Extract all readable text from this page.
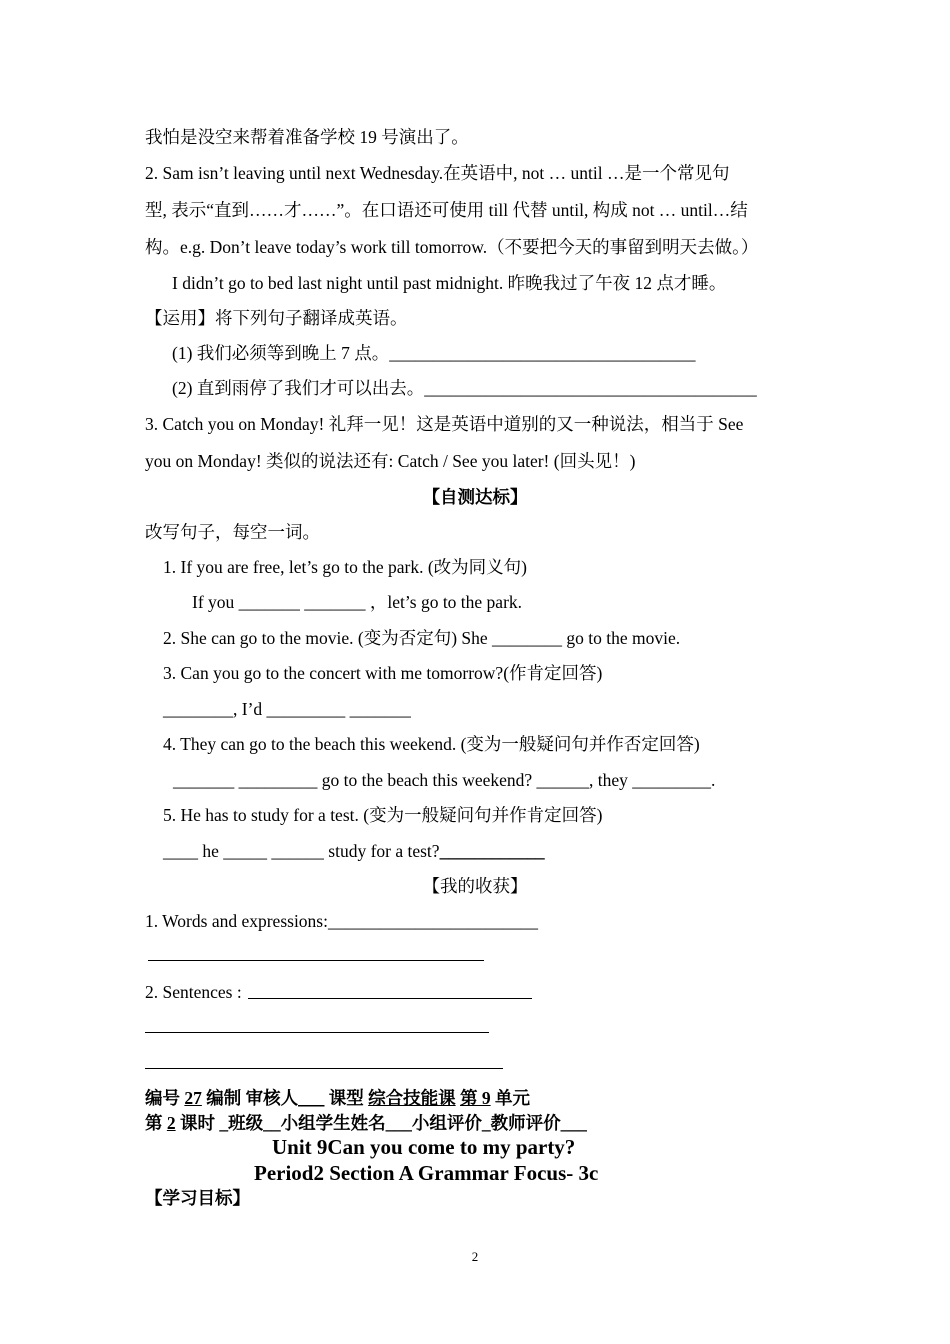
我怕是没空来帮着准备学校 19 号演出了。
2. Sam isn’t leaving until next Wednesday.在英语中, not … until …是一个常见句
型, 表示“直到……才……”。在口语还可使用 till 代替 until, 构成 not … until…结
构。e.g. Don’t leave today’s work till tomorrow.（不要把今天的事留到明天去做。）
I didn’t go to bed last night until past midnight. 昨晚我过了午夜 12 点才睡。
【运用】将下列句子翻译成英语。
(1) 我们必须等到晚上 7 点。___________________________________
(2) 直到雨停了我们才可以出去。______________________________________
3. Catch you on Monday! 礼拜一见！这是英语中道别的又一种说法，相当于 See
you on Monday! 类似的说法还有: Catch / See you later! (回头见！)
【自测达标】
改写句子，每空一词。
1. If you are free, let’s go to the park. (改为同义句)
If you _______ _______ ，let’s go to the park.
2. She can go to the movie. (变为否定句) She ________ go to the movie.
3. Can you go to the concert with me tomorrow?(作肯定回答)
________, I’d _________ _______
4. They can go to the beach this weekend. (变为一般疑问句并作否定回答)
_______ _________ go to the beach this weekend? ______, they _________.
5. He has to study for a test. (变为一般疑问句并作肯定回答)
____ he _____ ______ study for a test?____________
【我的收获】
1. Words and expressions:________________________
2. Sentences :
编号 27 编制 审核人___ 课型 综合技能课 第 9 单元
第 2 课时 _班级__小组学生姓名___小组评价_教师评价___
Unit 9Can you come to my party?
Period2 Section A Grammar Focus- 3c
【学习目标】
2
